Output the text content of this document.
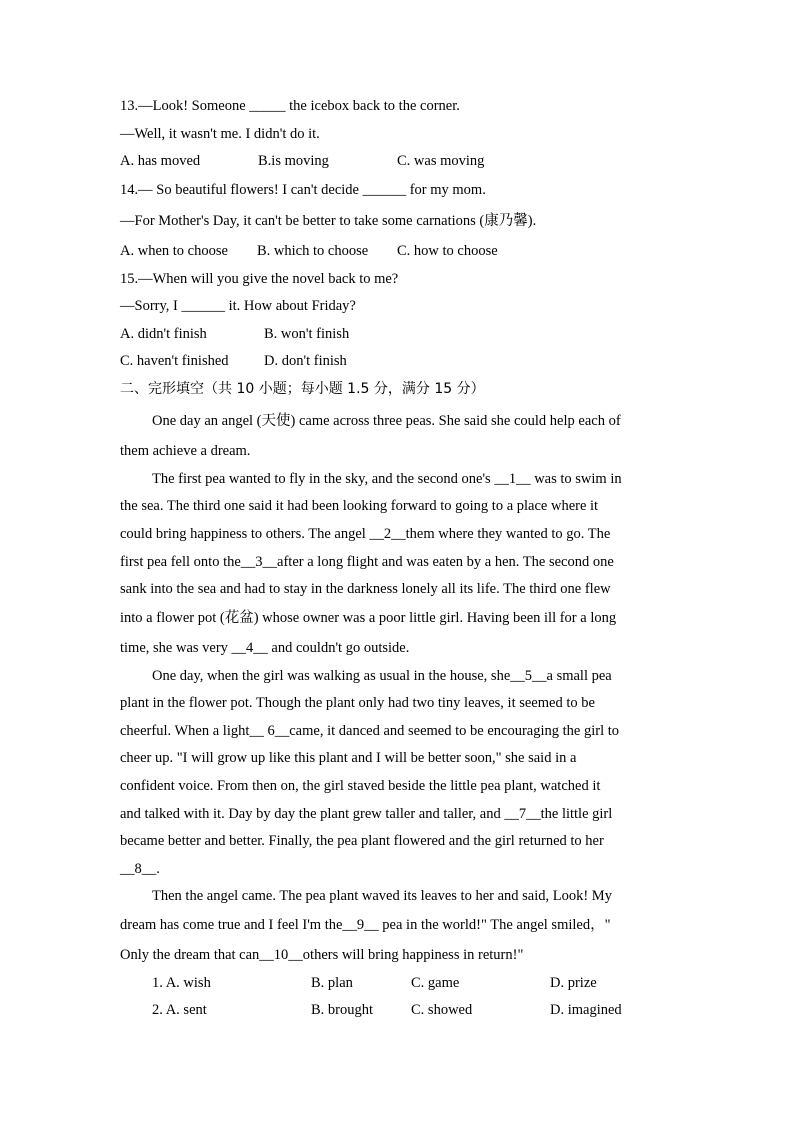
13.—Look! Someone _____ the icebox back to the corner.
—Well, it wasn't me. I didn't do it.
A. has moved	B.is moving	C. was moving
14.— So beautiful flowers! I can't decide ______ for my mom.
—For Mother's Day, it can't be better to take some carnations (康乃馨).
A. when to choose	B. which to choose	C. how to choose
15.—When will you give the novel back to me?
—Sorry, I ______ it. How about Friday?
A. didn't finish	B. won't finish
C. haven't finished	D. don't finish
二、完形填空（共 10 小题；每小题 1.5 分，满分 15 分）
One day an angel (天使) came across three peas. She said she could help each of
them achieve a dream.
The first pea wanted to fly in the sky, and the second one's __1__ was to swim in
the sea. The third one said it had been looking forward to going to a place where it
could bring happiness to others. The angel __2__them where they wanted to go. The
first pea fell onto the__3__after a long flight and was eaten by a hen. The second one
sank into the sea and had to stay in the darkness lonely all its life. The third one flew
into a flower pot (花盆) whose owner was a poor little girl. Having been ill for a long
time, she was very __4__ and couldn't go outside.
One day, when the girl was walking as usual in the house, she__5__a small pea
plant in the flower pot. Though the plant only had two tiny leaves, it seemed to be
cheerful. When a light__ 6__came, it danced and seemed to be encouraging the girl to
cheer up. "I will grow up like this plant and I will be better soon," she said in a
confident voice. From then on, the girl staved beside the little pea plant, watched it
and talked with it. Day by day the plant grew taller and taller, and __7__the little girl
became better and better. Finally, the pea plant flowered and the girl returned to her
__8__.
Then the angel came. The pea plant waved its leaves to her and said, Look! My
dream has come true and I feel I'm the__9__ pea in the world!" The angel smiled，"
Only the dream that can__10__others will bring happiness in return!"
1. A. wish	B. plan	C. game	D. prize
2. A. sent	B. brought	C. showed	D. imagined
